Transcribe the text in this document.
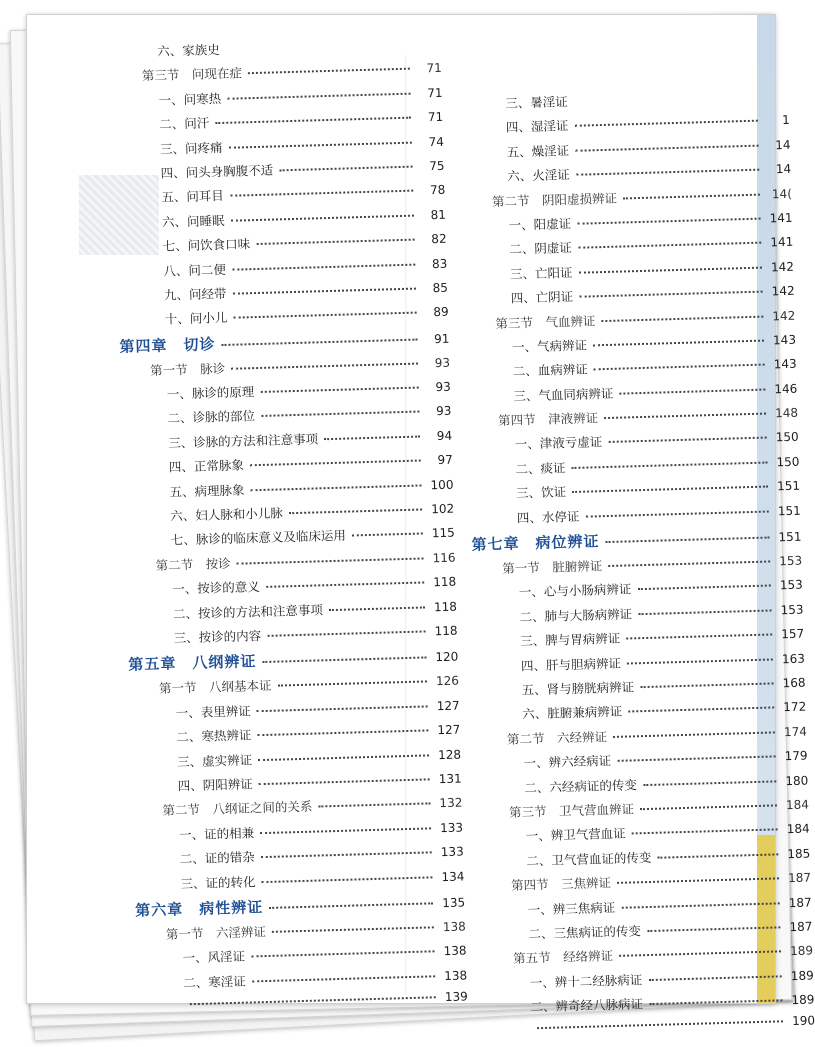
六、家族史
第三节　问现在症	71
一、问寒热	71
二、问汗	71
三、问疼痛	74
四、问头身胸腹不适	75
五、问耳目	78
六、问睡眠	81
七、问饮食口味	82
八、问二便	83
九、问经带	85
十、问小儿	89
第四章　切诊	91
第一节　脉诊	93
一、脉诊的原理	93
二、诊脉的部位	93
三、诊脉的方法和注意事项	94
四、正常脉象	97
五、病理脉象	100
六、妇人脉和小儿脉	102
七、脉诊的临床意义及临床运用	115
第二节　按诊	116
一、按诊的意义	118
二、按诊的方法和注意事项	118
三、按诊的内容	118
第五章　八纲辨证	120
第一节　八纲基本证	126
一、表里辨证	127
二、寒热辨证	127
三、虚实辨证	128
四、阴阳辨证	131
第二节　八纲证之间的关系	132
一、证的相兼	133
二、证的错杂	133
三、证的转化	134
第六章　病性辨证	135
第一节　六淫辨证	138
一、风淫证	138
二、寒淫证	138
139
三、暑淫证
四、湿淫证	1
五、燥淫证	14
六、火淫证	14
第二节　阴阳虚损辨证	14(
一、阳虚证	141
二、阴虚证	141
三、亡阳证	142
四、亡阴证	142
第三节　气血辨证	142
一、气病辨证	143
二、血病辨证	143
三、气血同病辨证	146
第四节　津液辨证	148
一、津液亏虚证	150
二、痰证	150
三、饮证	151
四、水停证	151
第七章　病位辨证	151
第一节　脏腑辨证	153
一、心与小肠病辨证	153
二、肺与大肠病辨证	153
三、脾与胃病辨证	157
四、肝与胆病辨证	163
五、肾与膀胱病辨证	168
六、脏腑兼病辨证	172
第二节　六经辨证	174
一、辨六经病证	179
二、六经病证的传变	180
第三节　卫气营血辨证	184
一、辨卫气营血证	184
二、卫气营血证的传变	185
第四节　三焦辨证	187
一、辨三焦病证	187
二、三焦病证的传变	187
第五节　经络辨证	189
一、辨十二经脉病证	189
二、辨奇经八脉病证	189
190
